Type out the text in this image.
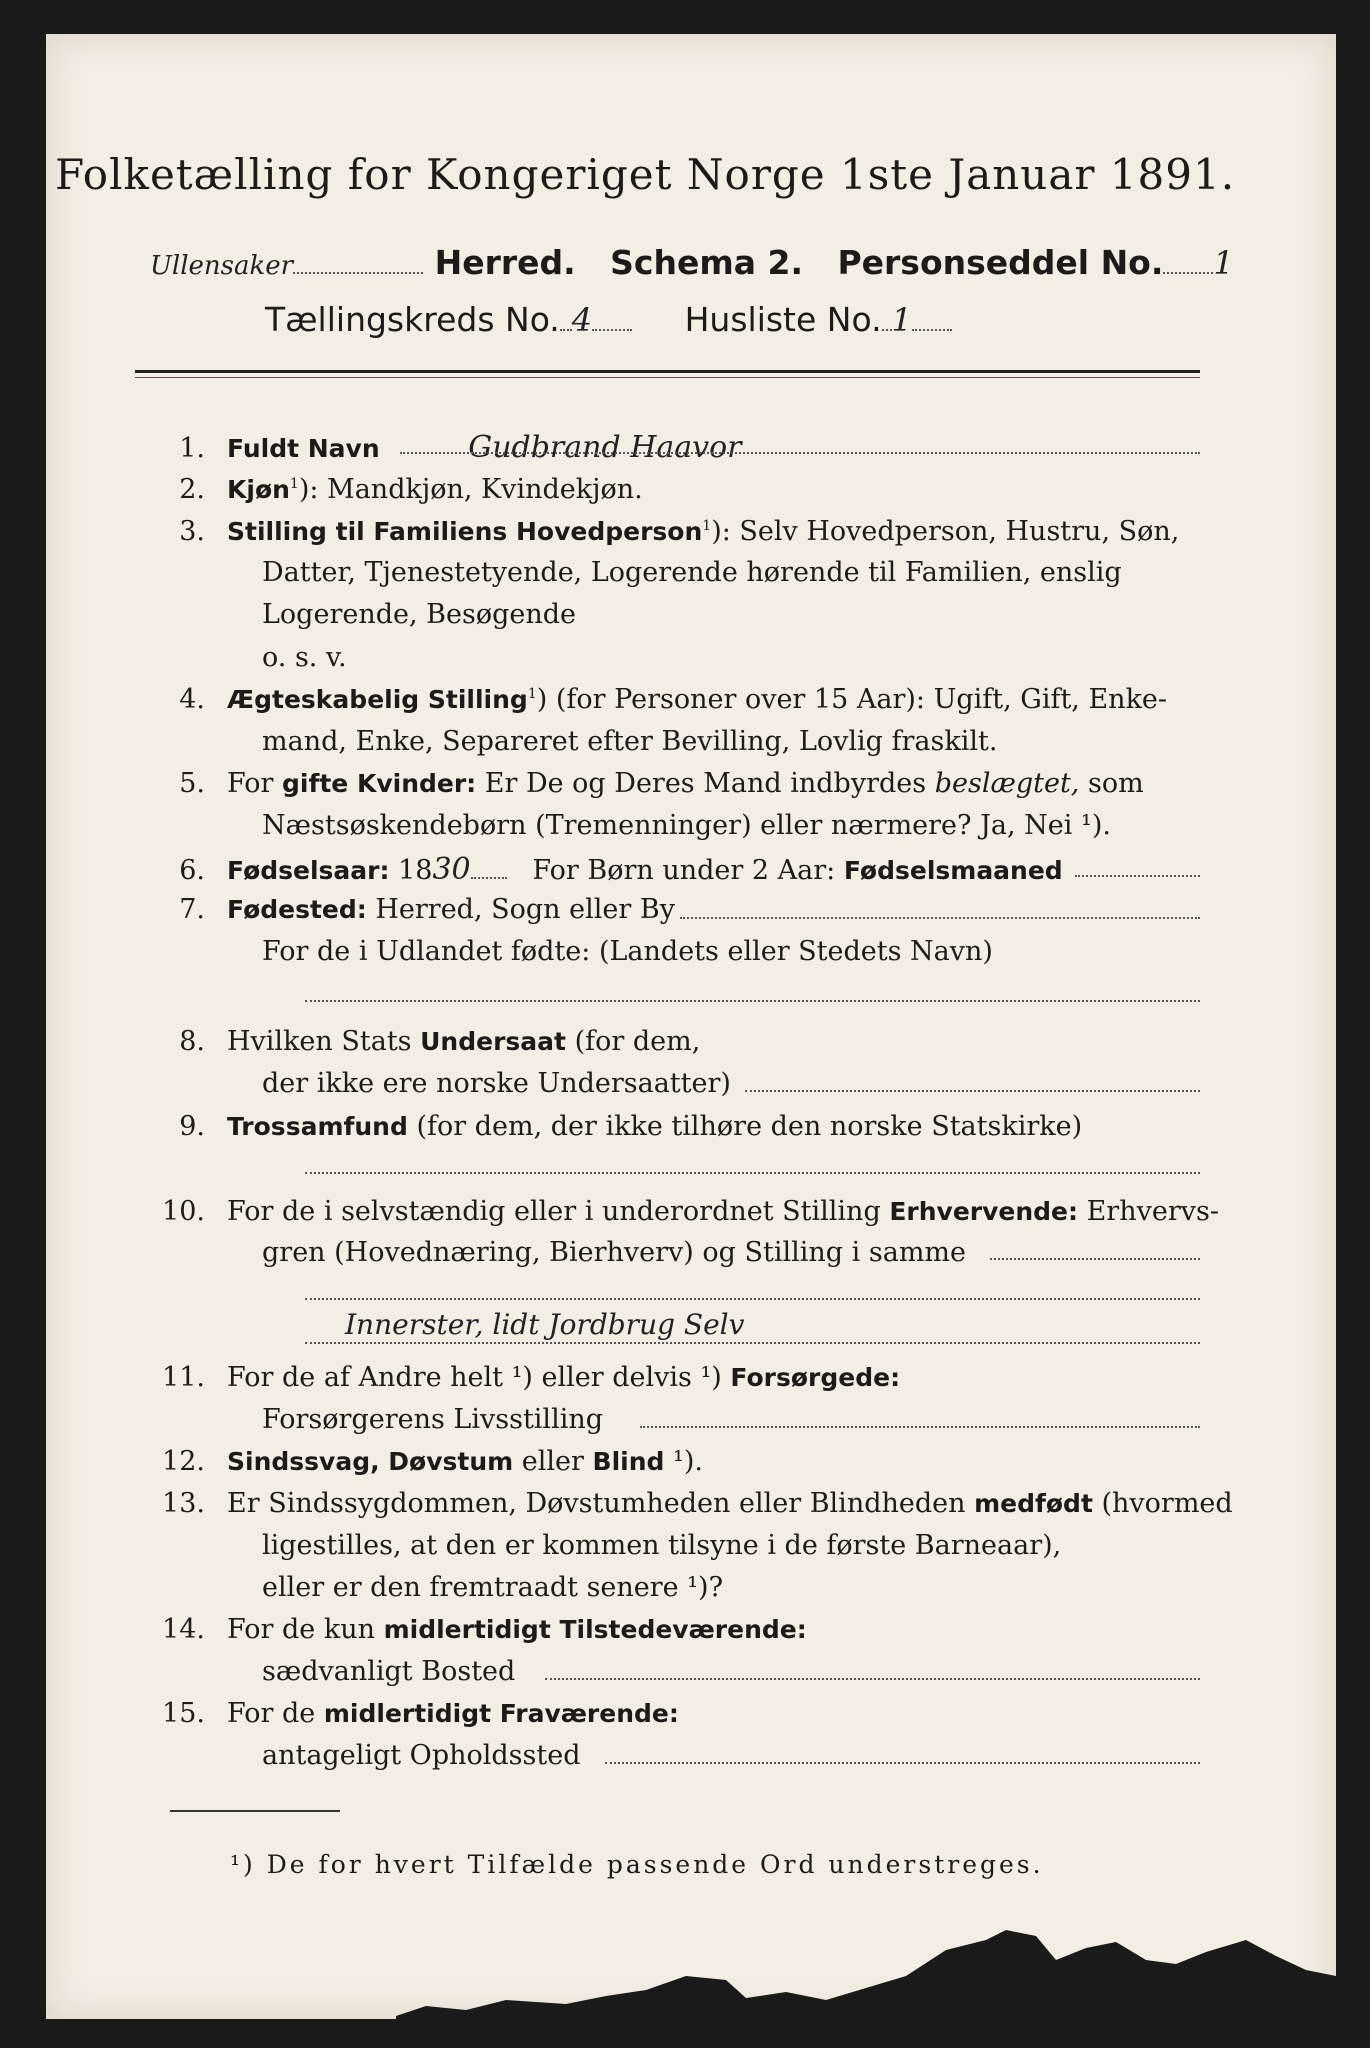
Folketælling for Kongeriget Norge 1ste Januar 1891.
Ullensaker	Herred. Schema 2. Personseddel No. 1
Tællingskreds No. 4	Husliste No. 1
1. Fuldt Navn	Gudbrand Haavor
2. Kjøn$^1$): Mandkjøn, Kvindekjøn.
3. Stilling til Familiens Hovedperson$^1$): Selv Hovedperson, Hustru, Søn,
Datter, Tjenestetyende, Logerende hørende til Familien, enslig
Logerende, Besøgende
o. s. v.
4. Ægteskabelig Stilling$^1$) (for Personer over 15 Aar): Ugift, Gift, Enke-
mand, Enke, Separeret efter Bevilling, Lovlig fraskilt.
5. For gifte Kvinder: Er De og Deres Mand indbyrdes beslægtet, som
Næstsøskendebørn (Tremenninger) eller nærmere? Ja, Nei ¹).
6. Fødselsaar: 1830 For Børn under 2 Aar: Fødselsmaaned
7. Fødested: Herred, Sogn eller By
For de i Udlandet fødte: (Landets eller Stedets Navn)
8. Hvilken Stats Undersaat (for dem,
der ikke ere norske Undersaatter)
9. Trossamfund (for dem, der ikke tilhøre den norske Statskirke)
10. For de i selvstændig eller i underordnet Stilling Erhvervende: Erhvervs-
gren (Hovednæring, Bierhverv) og Stilling i samme
Innerster, lidt Jordbrug Selv
11. For de af Andre helt ¹) eller delvis ¹) Forsørgede:
Forsørgerens Livsstilling
12. Sindssvag, Døvstum eller Blind ¹).
13. Er Sindssygdommen, Døvstumheden eller Blindheden medfødt (hvormed
ligestilles, at den er kommen tilsyne i de første Barneaar),
eller er den fremtraadt senere ¹)?
14. For de kun midlertidigt Tilstedeværende:
sædvanligt Bosted
15. For de midlertidigt Fraværende:
antageligt Opholdssted
¹) De for hvert Tilfælde passende Ord understreges.
